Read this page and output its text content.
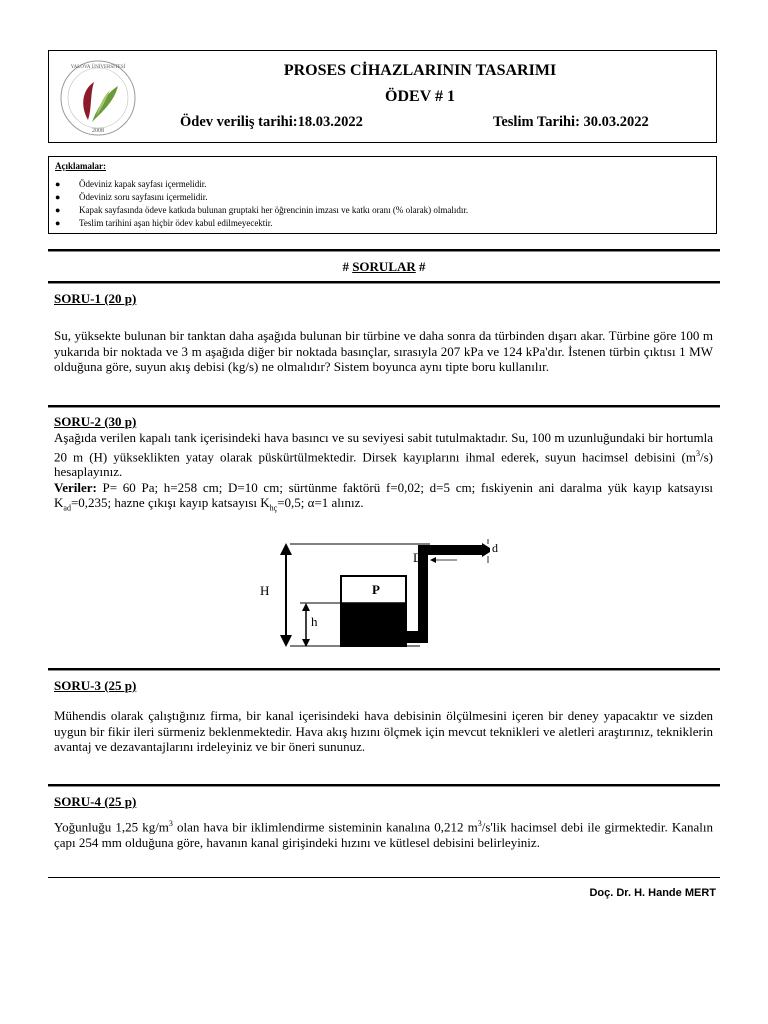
2008
YALOVA ÜNİVERSİTESİ	PROSES CİHAZLARININ TASARIMI
ÖDEV # 1
Ödev veriliş tarihi:18.03.2022	Teslim Tarihi: 30.03.2022
Açıklamalar:
● Ödeviniz kapak sayfası içermelidir.
● Ödeviniz soru sayfasını içermelidir.
● Kapak sayfasında ödeve katkıda bulunan gruptaki her öğrencinin imzası ve katkı oranı (% olarak) olmalıdır.
● Teslim tarihini aşan hiçbir ödev kabul edilmeyecektir.
# SORULAR #
SORU-1 (20 p)
Su, yüksekte bulunan bir tanktan daha aşağıda bulunan bir türbine ve daha sonra da türbinden dışarı akar. Türbine göre 100 m yukarıda bir noktada ve 3 m aşağıda diğer bir noktada basınçlar, sırasıyla 207 kPa ve 124 kPa'dır. İstenen türbin çıktısı 1 MW olduğuna göre, suyun akış debisi (kg/s) ne olmalıdır? Sistem boyunca aynı tipte boru kullanılır.
SORU-2 (30 p)
Aşağıda verilen kapalı tank içerisindeki hava basıncı ve su seviyesi sabit tutulmaktadır. Su, 100 m uzunluğundaki bir hortumla 20 m (H) yükseklikten yatay olarak püskürtülmektedir. Dirsek kayıplarını ihmal ederek, suyun hacimsel debisini $(m^3/s)$ hesaplayınız.
Veriler: P= 60 Pa; h=258 cm; D=10 cm; sürtünme faktörü f=0,02; d=5 cm; fıskiyenin ani daralma yük kayıp katsayısı $K_{ad}=0,235$; hazne çıkışı kayıp katsayısı $K_{hç}=0,5$; α=1 alınız.
H
h
P
D
d
SORU-3 (25 p)
Mühendis olarak çalıştığınız firma, bir kanal içerisindeki hava debisinin ölçülmesini içeren bir deney yapacaktır ve sizden uygun bir fikir ileri sürmeniz beklenmektedir. Hava akış hızını ölçmek için mevcut teknikleri ve aletleri araştırınız, tekniklerin avantaj ve dezavantajlarını irdeleyiniz ve bir öneri sununuz.
SORU-4 (25 p)
Yoğunluğu 1,25 $kg/m^3$ olan hava bir iklimlendirme sisteminin kanalına 0,212 $m^3/s'lik$ hacimsel debi ile girmektedir. Kanalın çapı 254 mm olduğuna göre, havanın kanal girişindeki hızını ve kütlesel debisini belirleyiniz.
Doç. Dr. H. Hande MERT
